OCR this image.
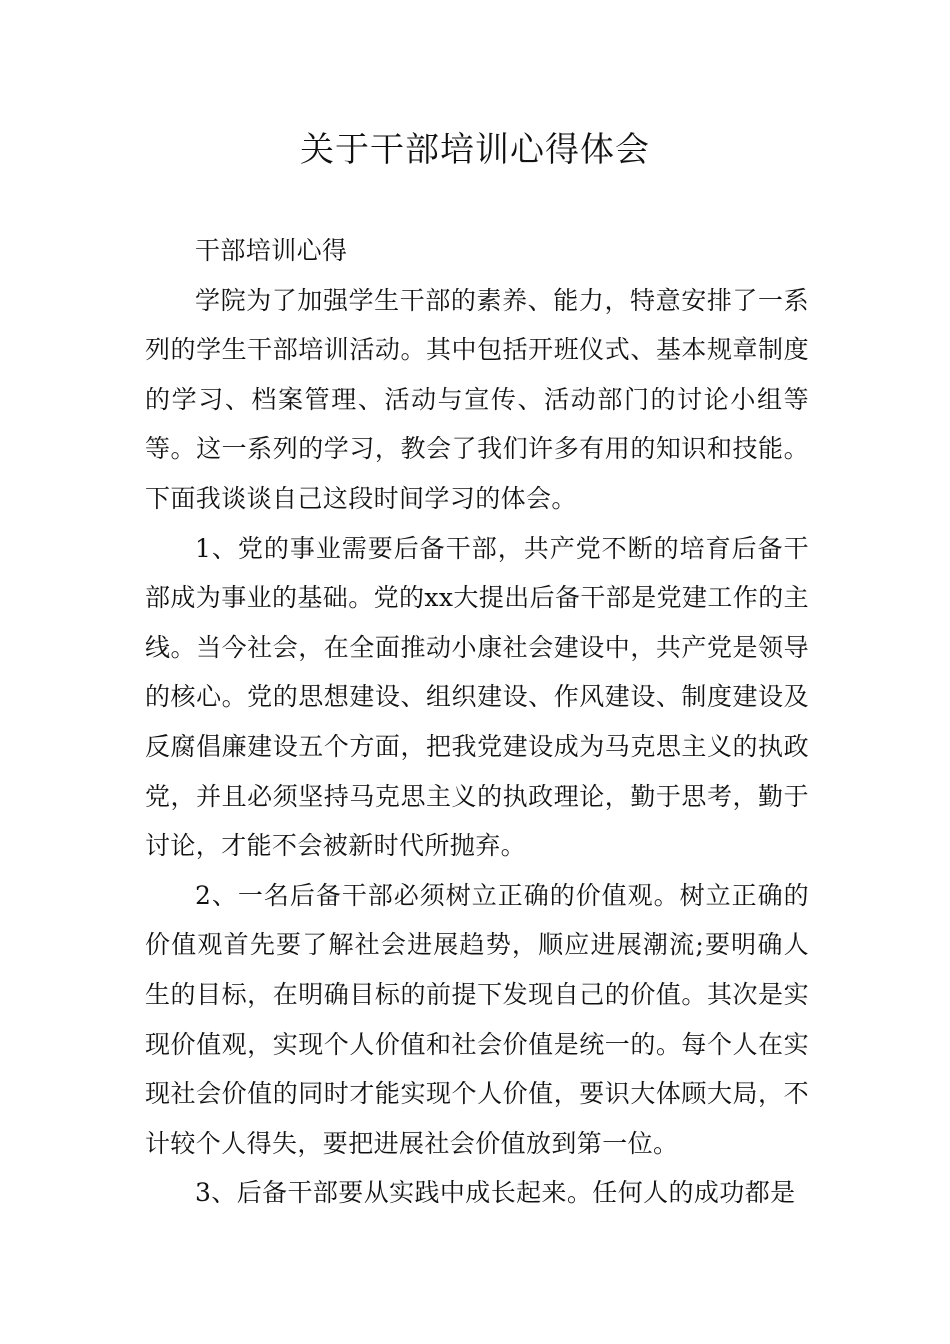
关于干部培训心得体会

干部培训心得

学院为了加强学生干部的素养、能力，特意安排了一系列的学生干部培训活动。其中包括开班仪式、基本规章制度的学习、档案管理、活动与宣传、活动部门的讨论小组等等。这一系列的学习，教会了我们许多有用的知识和技能。下面我谈谈自己这段时间学习的体会。

1、党的事业需要后备干部，共产党不断的培育后备干部成为事业的基础。党的xx大提出后备干部是党建工作的主线。当今社会，在全面推动小康社会建设中，共产党是领导的核心。党的思想建设、组织建设、作风建设、制度建设及反腐倡廉建设五个方面，把我党建设成为马克思主义的执政党，并且必须坚持马克思主义的执政理论，勤于思考，勤于讨论，才能不会被新时代所抛弃。

2、一名后备干部必须树立正确的价值观。树立正确的价值观首先要了解社会进展趋势，顺应进展潮流;要明确人生的目标，在明确目标的前提下发现自己的价值。其次是实现价值观，实现个人价值和社会价值是统一的。每个人在实现社会价值的同时才能实现个人价值，要识大体顾大局，不计较个人得失，要把进展社会价值放到第一位。

3、后备干部要从实践中成长起来。任何人的成功都是
